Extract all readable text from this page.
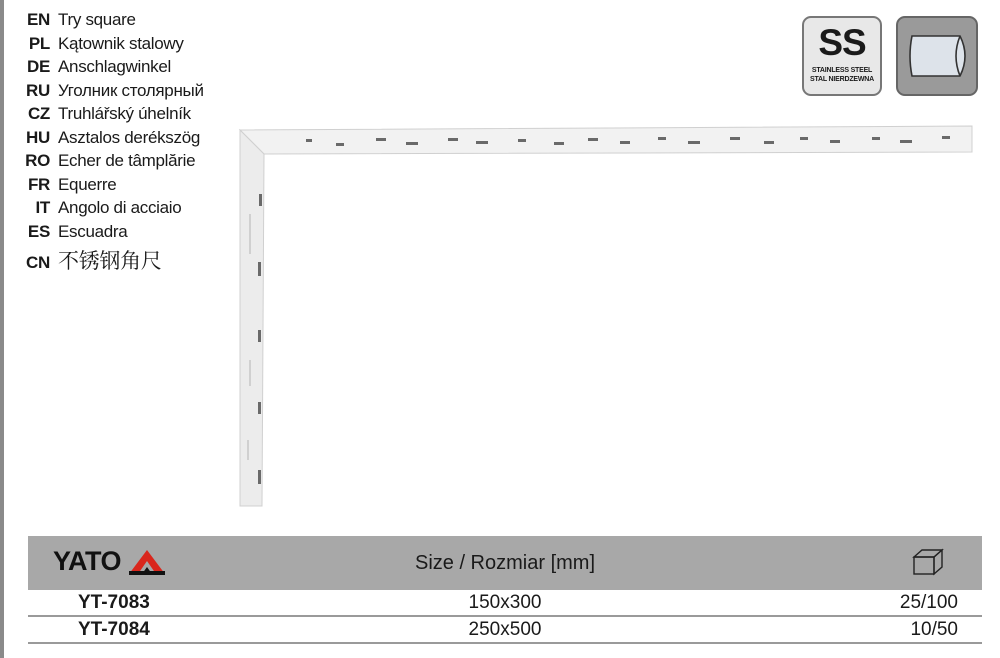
EN Try square
PL Kątownik stalowy
DE Anschlagwinkel
RU Уголник столярный
CZ Truhlářský úhelník
HU Asztalos derékszög
RO Echer de tâmplărie
FR Equerre
IT Angolo di acciaio
ES Escuadra
CN 不锈钢角尺
SS
STAINLESS STEEL
STAL NIERDZEWNA
YATO	Size / Rozmiar [mm]
YT-7083	150x300	25/100
YT-7084	250x500	10/50
